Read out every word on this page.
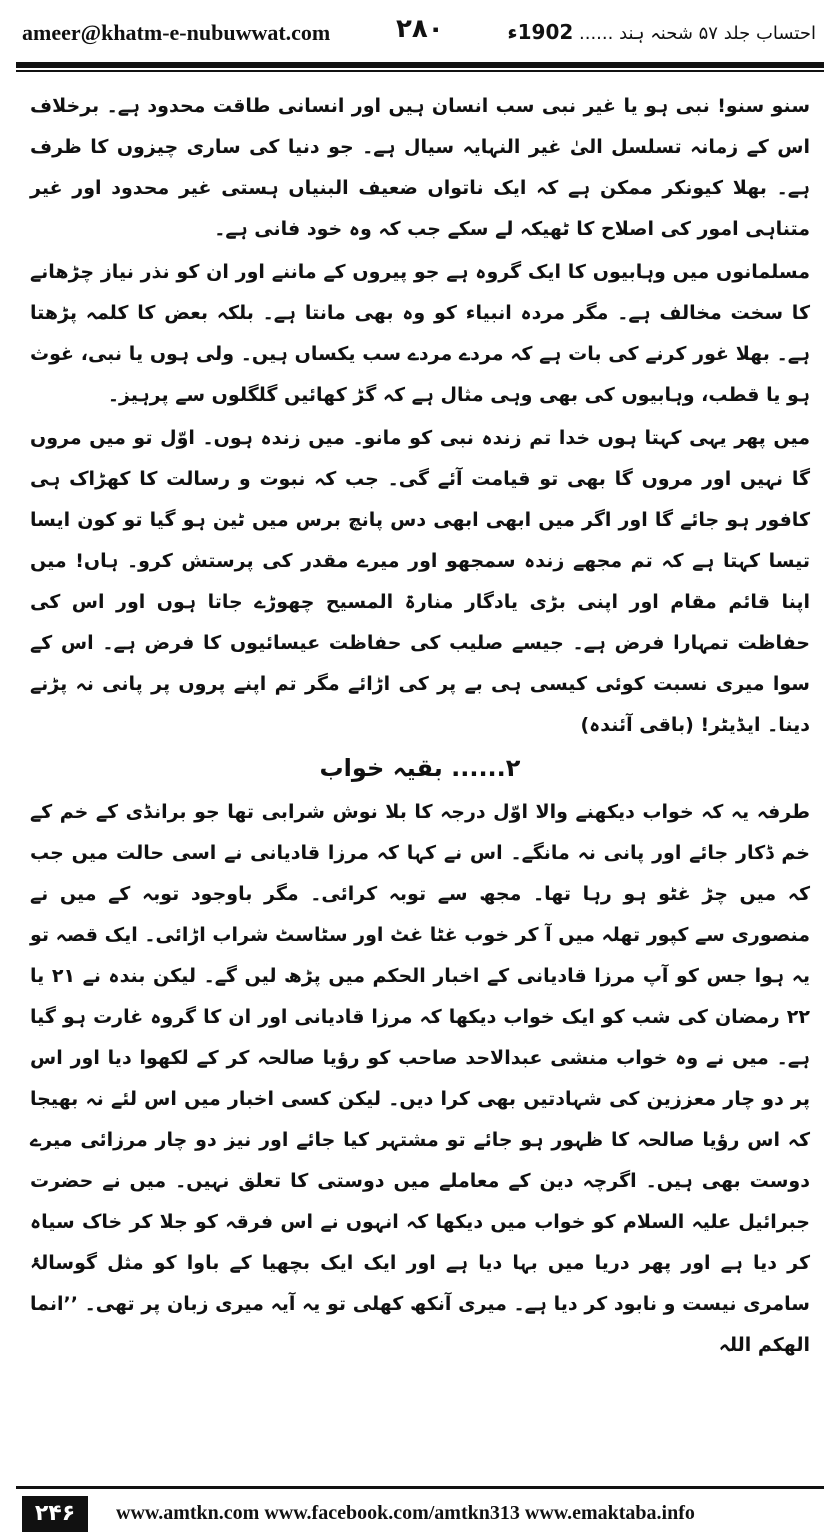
ameer@khatm-e-nubuwwat.com	۲۸۰	احتساب جلد ۵۷ شحنہ ہند ...... 1902ء

سنو سنو! نبی ہو یا غیر نبی سب انسان ہیں اور انسانی طاقت محدود ہے۔ برخلاف اس کے زمانہ تسلسل الیٰ غیر النہایہ سیال ہے۔ جو دنیا کی ساری چیزوں کا ظرف ہے۔ بھلا کیونکر ممکن ہے کہ ایک ناتواں ضعیف البنیاں ہستی غیر محدود اور غیر متناہی امور کی اصلاح کا ٹھیکہ لے سکے جب کہ وہ خود فانی ہے۔

مسلمانوں میں وہابیوں کا ایک گروہ ہے جو پیروں کے ماننے اور ان کو نذر نیاز چڑھانے کا سخت مخالف ہے۔ مگر مردہ انبیاء کو وہ بھی مانتا ہے۔ بلکہ بعض کا کلمہ پڑھتا ہے۔ بھلا غور کرنے کی بات ہے کہ مردے مردے سب یکساں ہیں۔ ولی ہوں یا نبی، غوث ہو یا قطب، وہابیوں کی بھی وہی مثال ہے کہ گڑ کھائیں گلگلوں سے پرہیز۔

میں پھر یہی کہتا ہوں خدا تم زندہ نبی کو مانو۔ میں زندہ ہوں۔ اوّل تو میں مروں گا نہیں اور مروں گا بھی تو قیامت آئے گی۔ جب کہ نبوت و رسالت کا کھڑاک ہی کافور ہو جائے گا اور اگر میں ابھی ابھی دس پانچ برس میں ٹین ہو گیا تو کون ایسا تیسا کہتا ہے کہ تم مجھے زندہ سمجھو اور میرے مقدر کی پرستش کرو۔ ہاں! میں اپنا قائم مقام اور اپنی بڑی یادگار منارۃ المسیح چھوڑے جاتا ہوں اور اس کی حفاظت تمہارا فرض ہے۔ جیسے صلیب کی حفاظت عیسائیوں کا فرض ہے۔ اس کے سوا میری نسبت کوئی کیسی ہی بے پر کی اڑائے مگر تم اپنے پروں پر پانی نہ پڑنے دینا۔ ایڈیٹر! (باقی آئندہ)

۲...... بقیہ خواب

طرفہ یہ کہ خواب دیکھنے والا اوّل درجہ کا بلا نوش شرابی تھا جو برانڈی کے خم کے خم ڈکار جائے اور پانی نہ مانگے۔ اس نے کہا کہ مرزا قادیانی نے اسی حالت میں جب کہ میں چڑ غٹو ہو رہا تھا۔ مجھ سے توبہ کرائی۔ مگر باوجود توبہ کے میں نے منصوری سے کپور تھلہ میں آ کر خوب غٹا غٹ اور سٹاسٹ شراب اڑائی۔ ایک قصہ تو یہ ہوا جس کو آپ مرزا قادیانی کے اخبار الحکم میں پڑھ لیں گے۔ لیکن بندہ نے ۲۱ یا ۲۲ رمضان کی شب کو ایک خواب دیکھا کہ مرزا قادیانی اور ان کا گروہ غارت ہو گیا ہے۔ میں نے وہ خواب منشی عبدالاحد صاحب کو رؤیا صالحہ کر کے لکھوا دیا اور اس پر دو چار معززین کی شہادتیں بھی کرا دیں۔ لیکن کسی اخبار میں اس لئے نہ بھیجا کہ اس رؤیا صالحہ کا ظہور ہو جائے تو مشتہر کیا جائے اور نیز دو چار مرزائی میرے دوست بھی ہیں۔ اگرچہ دین کے معاملے میں دوستی کا تعلق نہیں۔ میں نے حضرت جبرائیل علیہ السلام کو خواب میں دیکھا کہ انہوں نے اس فرقہ کو جلا کر خاک سیاہ کر دیا ہے اور پھر دریا میں بہا دیا ہے اور ایک ایک بچھیا کے باوا کو مثل گوسالۂ سامری نیست و نابود کر دیا ہے۔ میری آنکھ کھلی تو یہ آیہ میری زبان پر تھی۔ ’’انما الھکم اللہ

۲۴۶	www.amtkn.com www.facebook.com/amtkn313 www.emaktaba.info
